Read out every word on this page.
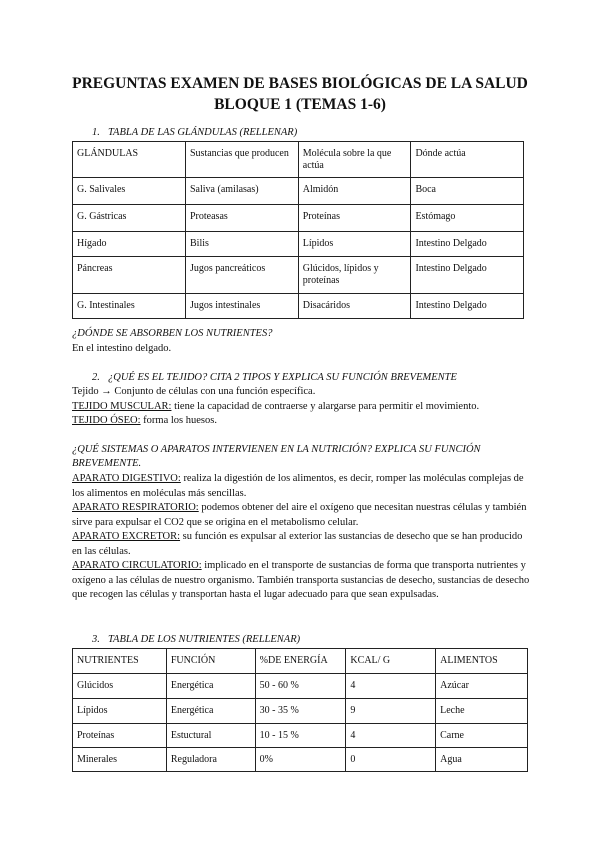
PREGUNTAS EXAMEN DE BASES BIOLÓGICAS DE LA SALUD
BLOQUE 1 (TEMAS 1-6)
1. TABLA DE LAS GLÁNDULAS (RELLENAR)
GLÁNDULAS	Sustancias que producen	Molécula sobre la que actúa	Dónde actúa
G. Salivales	Saliva (amilasas)	Almidón	Boca
G. Gástricas	Proteasas	Proteínas	Estómago
Hígado	Bilis	Lípidos	Intestino Delgado
Páncreas	Jugos pancreáticos	Glúcidos, lípidos y proteínas	Intestino Delgado
G. Intestinales	Jugos intestinales	Disacáridos	Intestino Delgado
¿DÓNDE SE ABSORBEN LOS NUTRIENTES?
En el intestino delgado.
2. ¿QUÉ ES EL TEJIDO? CITA 2 TIPOS Y EXPLICA SU FUNCIÓN BREVEMENTE
Tejido → Conjunto de células con una función específica.
TEJIDO MUSCULAR: tiene la capacidad de contraerse y alargarse para permitir el movimiento.
TEJIDO ÓSEO: forma los huesos.
¿QUÉ SISTEMAS O APARATOS INTERVIENEN EN LA NUTRICIÓN? EXPLICA SU FUNCIÓN
BREVEMENTE.
APARATO DIGESTIVO: realiza la digestión de los alimentos, es decir, romper las moléculas complejas de los alimentos en moléculas más sencillas.
APARATO RESPIRATORIO: podemos obtener del aire el oxígeno que necesitan nuestras células y también sirve para expulsar el CO2 que se origina en el metabolismo celular.
APARATO EXCRETOR: su función es expulsar al exterior las sustancias de desecho que se han producido en las células.
APARATO CIRCULATORIO: implicado en el transporte de sustancias de forma que transporta nutrientes y oxígeno a las células de nuestro organismo. También transporta sustancias de desecho, sustancias de desecho que recogen las células y transportan hasta el lugar adecuado para que sean expulsadas.
3. TABLA DE LOS NUTRIENTES (RELLENAR)
NUTRIENTES	FUNCIÓN	%DE ENERGÍA	KCAL/ G	ALIMENTOS
Glúcidos	Energética	50 - 60 %	4	Azúcar
Lípidos	Energética	30 - 35 %	9	Leche
Proteínas	Estuctural	10 - 15 %	4	Carne
Minerales	Reguladora	0%	0	Agua
